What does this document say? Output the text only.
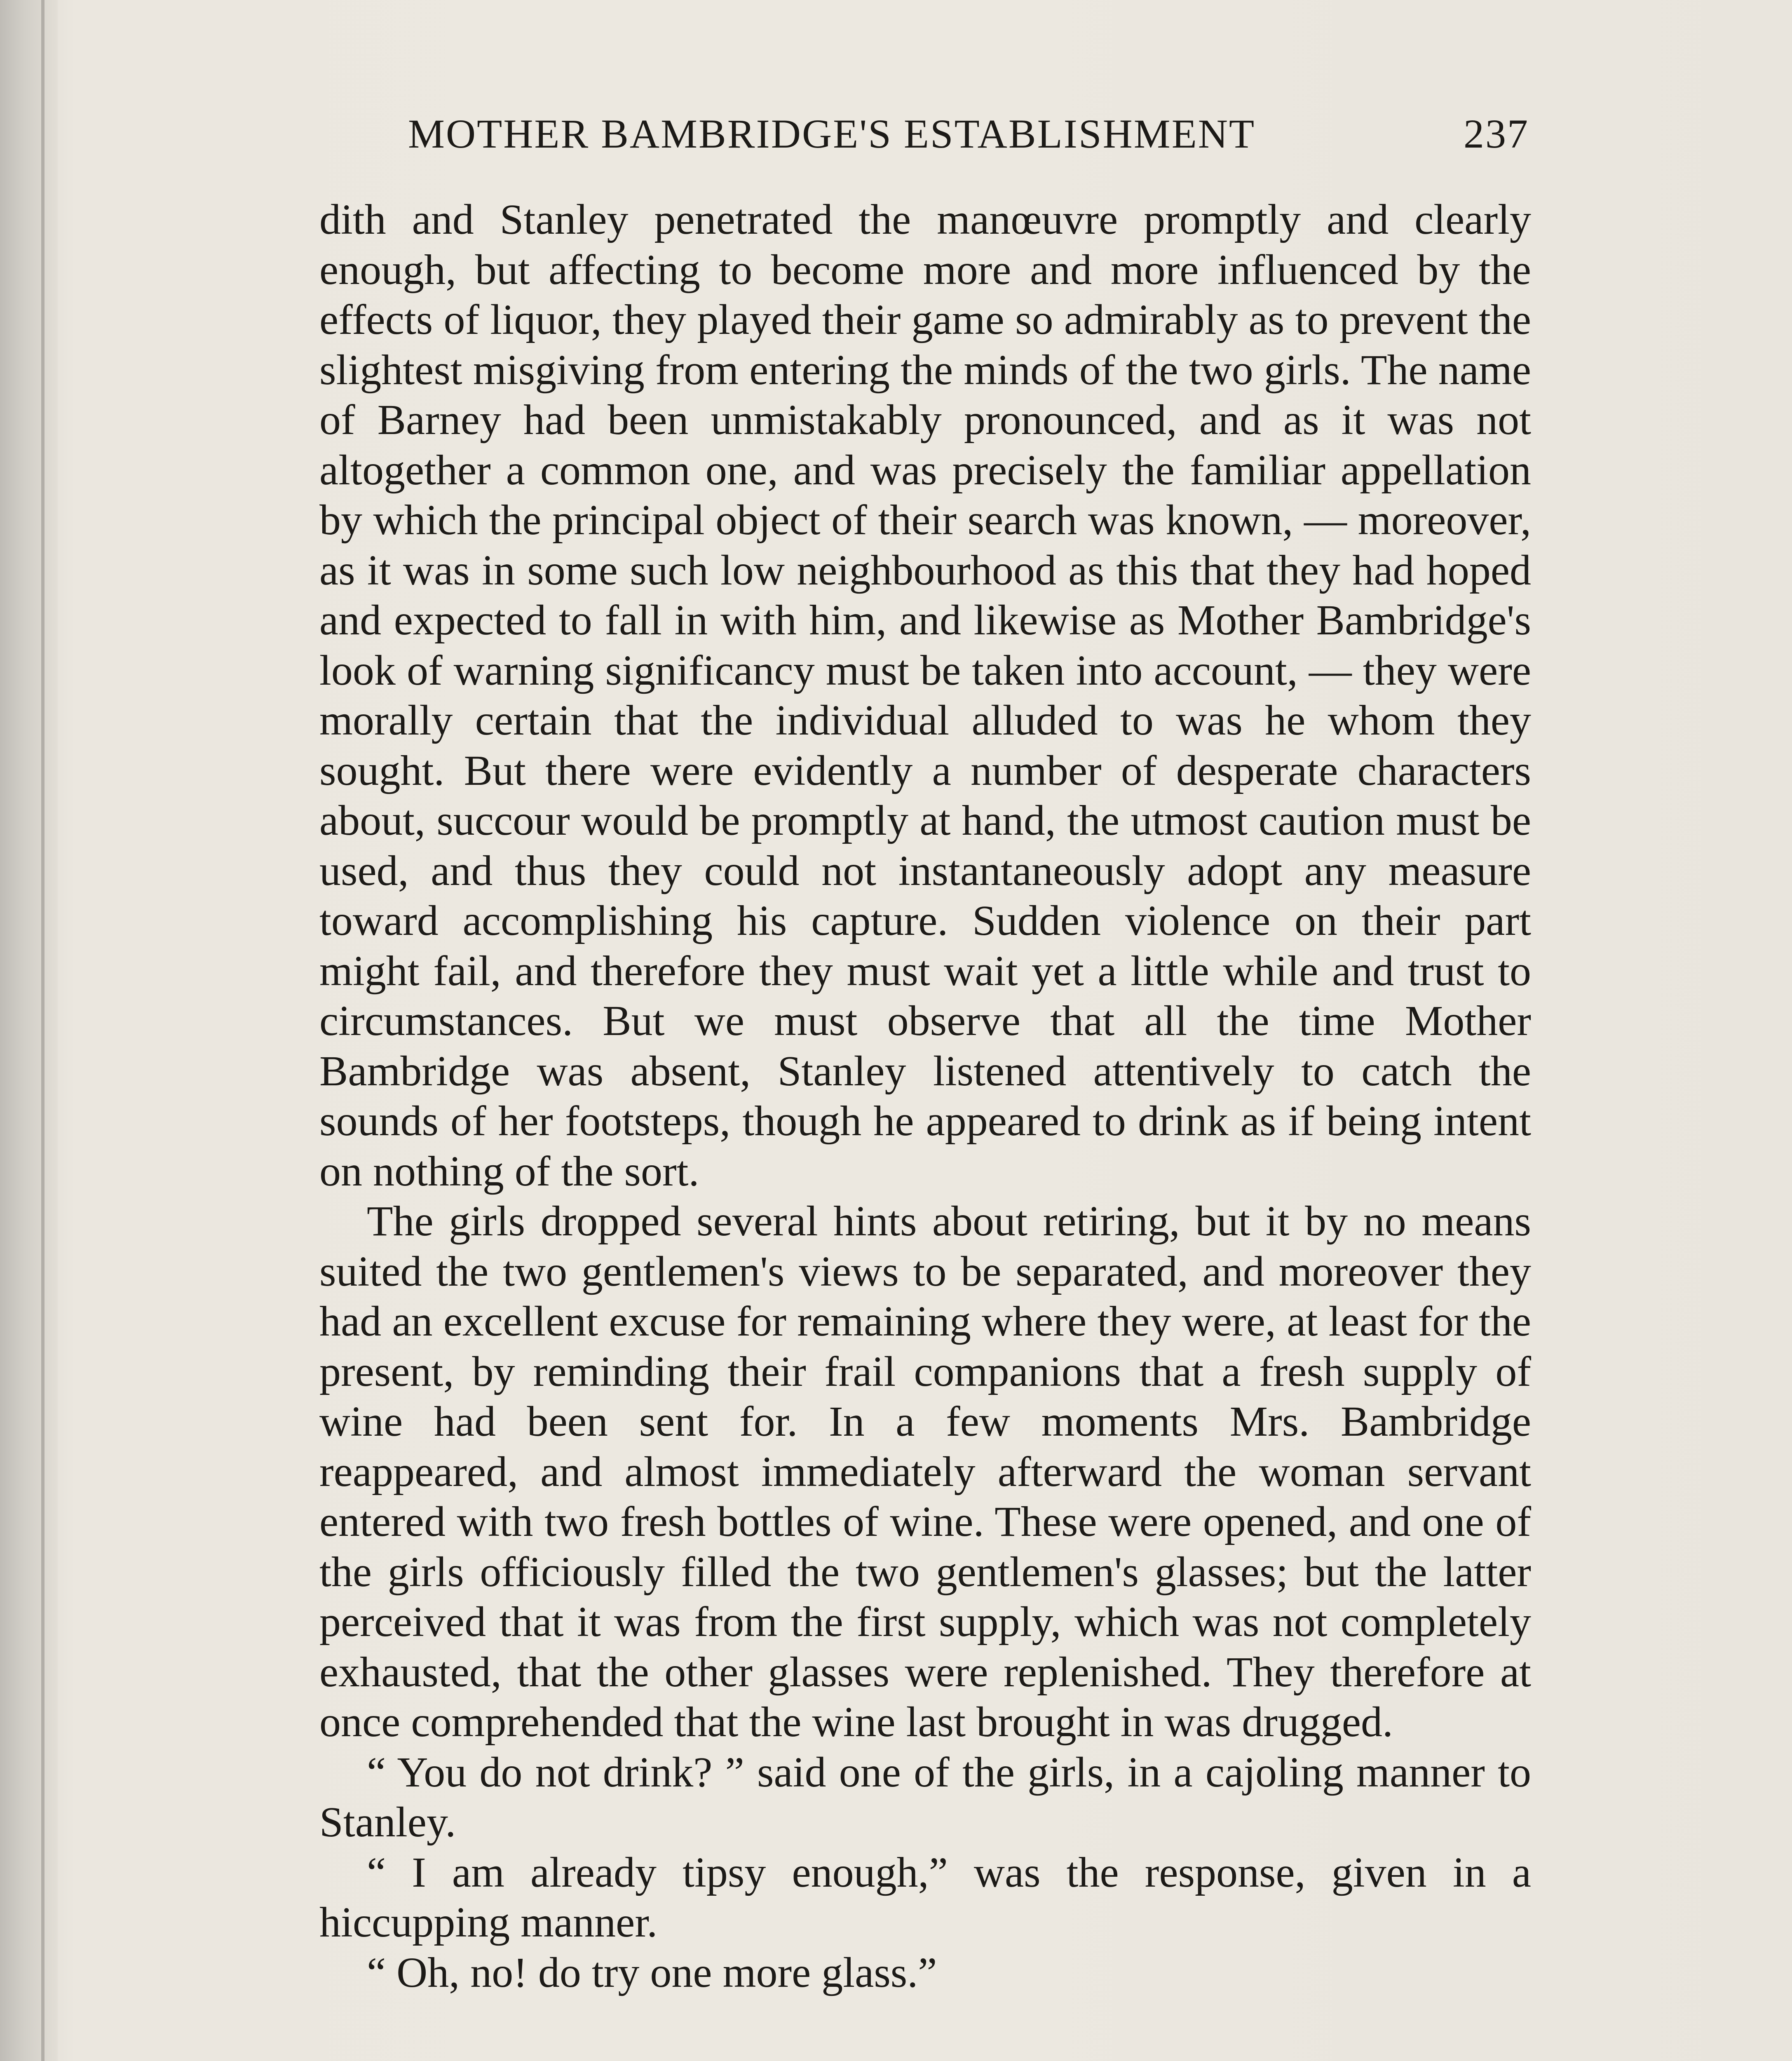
MOTHER BAMBRIDGE'S ESTABLISHMENT	237

dith and Stanley penetrated the manœuvre promptly and clearly enough, but affecting to become more and more influenced by the effects of liquor, they played their game so admirably as to prevent the slightest misgiving from entering the minds of the two girls. The name of Barney had been unmistakably pronounced, and as it was not altogether a common one, and was precisely the familiar appellation by which the principal object of their search was known, — moreover, as it was in some such low neighbourhood as this that they had hoped and expected to fall in with him, and likewise as Mother Bambridge's look of warning significancy must be taken into account, — they were morally certain that the individual alluded to was he whom they sought. But there were evidently a number of desperate characters about, succour would be promptly at hand, the utmost caution must be used, and thus they could not instantaneously adopt any measure toward accomplishing his capture. Sudden violence on their part might fail, and therefore they must wait yet a little while and trust to circumstances. But we must observe that all the time Mother Bambridge was absent, Stanley listened attentively to catch the sounds of her footsteps, though he appeared to drink as if being intent on nothing of the sort.

The girls dropped several hints about retiring, but it by no means suited the two gentlemen's views to be separated, and moreover they had an excellent excuse for remaining where they were, at least for the present, by reminding their frail companions that a fresh supply of wine had been sent for. In a few moments Mrs. Bambridge reappeared, and almost immediately afterward the woman servant entered with two fresh bottles of wine. These were opened, and one of the girls officiously filled the two gentlemen's glasses; but the latter perceived that it was from the first supply, which was not completely exhausted, that the other glasses were replenished. They therefore at once comprehended that the wine last brought in was drugged.

“ You do not drink? ” said one of the girls, in a cajoling manner to Stanley.

“ I am already tipsy enough,” was the response, given in a hiccupping manner.

“ Oh, no! do try one more glass.”
